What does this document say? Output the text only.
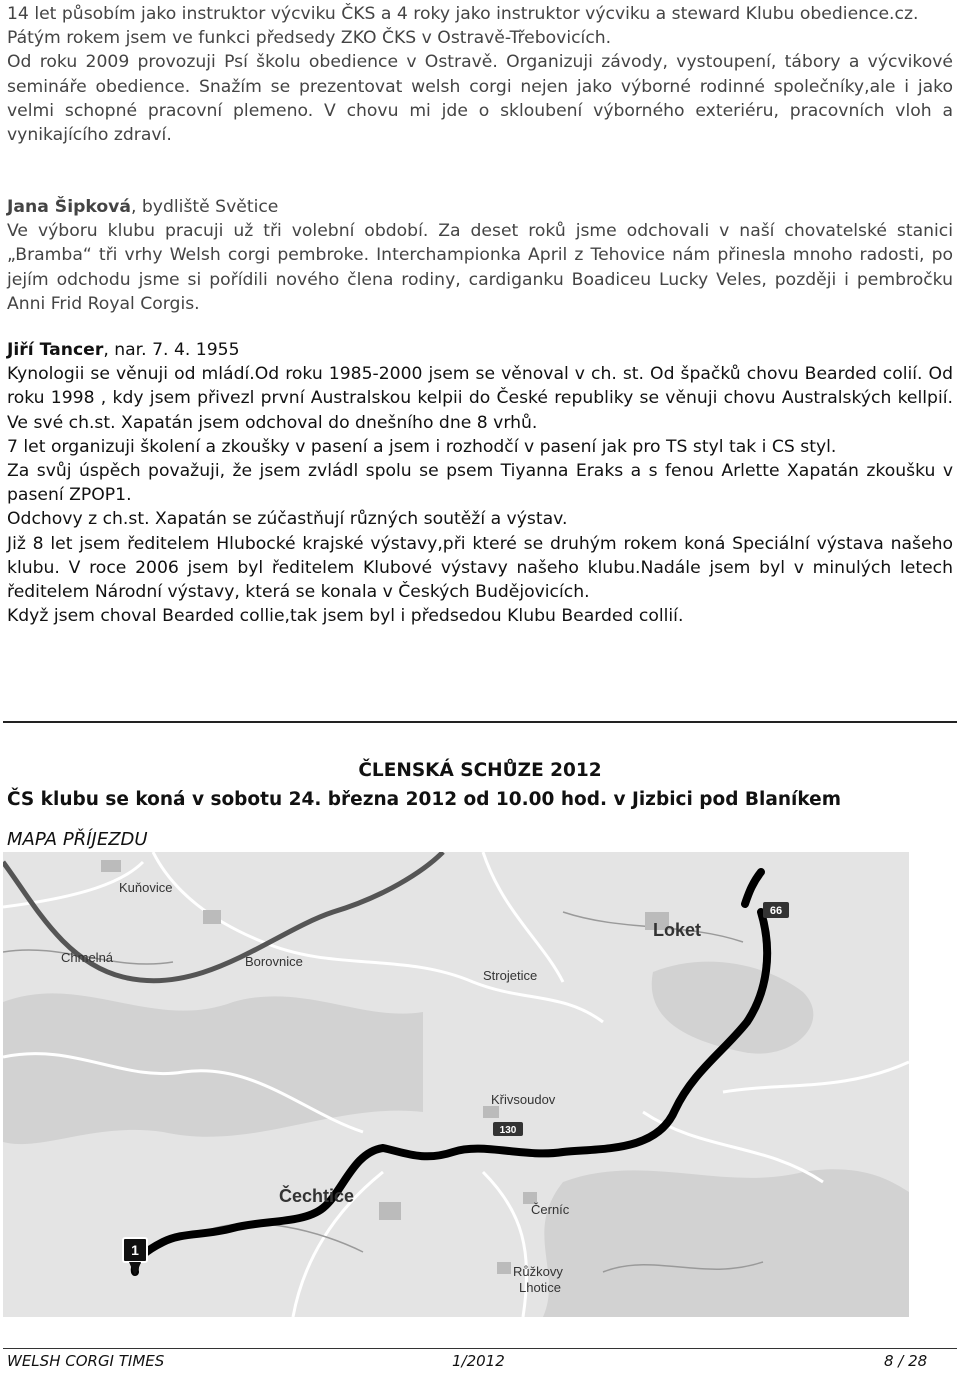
14 let působím jako instruktor výcviku ČKS a 4 roky jako instruktor výcviku a steward Klubu obedience.cz.

Pátým rokem jsem ve funkci předsedy ZKO ČKS v Ostravě-Třebovicích.

Od roku 2009 provozuji Psí školu obedience v Ostravě. Organizuji závody, vystoupení, tábory a výcvikové semináře obedience. Snažím se prezentovat welsh corgi nejen jako výborné rodinné společníky,ale i jako velmi schopné pracovní plemeno. V chovu mi jde o skloubení výborného exteriéru, pracovních vloh a vynikajícího zdraví.

Jana Šipková, bydliště Světice

Ve výboru klubu pracuji už tři volební období. Za deset roků jsme odchovali v naší chovatelské stanici „Bramba“ tři vrhy Welsh corgi pembroke. Interchampionka April z Tehovice nám přinesla mnoho radosti, po jejím odchodu jsme si pořídili nového člena rodiny, cardiganku Boadiceu Lucky Veles, později i pembročku Anni Frid Royal Corgis.

Jiří Tancer, nar. 7. 4. 1955

Kynologii se věnuji od mládí.Od roku 1985-2000 jsem se věnoval v ch. st. Od špačků chovu Bearded colií. Od roku 1998 , kdy jsem přivezl první Australskou kelpii do České republiky se věnuji chovu Australských kellpií. Ve své ch.st. Xapatán jsem odchoval do dnešního dne 8 vrhů.

7 let organizuji školení a zkoušky v pasení a jsem i rozhodčí v pasení jak pro TS styl tak i CS styl.

Za svůj úspěch považuji, že jsem zvládl spolu se psem Tiyanna Eraks a s fenou Arlette Xapatán zkoušku v pasení ZPOP1.

Odchovy z ch.st. Xapatán se zúčastňují různých soutěží a výstav.

Již 8 let jsem ředitelem Hlubocké krajské výstavy,při které se druhým rokem koná Speciální výstava našeho klubu. V roce 2006 jsem byl ředitelem Klubové výstavy našeho klubu.Nadále jsem byl v minulých letech ředitelem Národní výstavy, která se konala v Českých Budějovicích.

Když jsem choval Bearded collie,tak jsem byl i předsedou Klubu Bearded collií.

ČLENSKÁ SCHŮZE 2012
ČS klubu se koná v sobotu 24. března 2012 od 10.00 hod. v Jizbici pod Blaníkem
MAPA PŘÍJEZDU
66
130
1
Kuňovice
Chmelná	Borovnice
Strojetice
Loket
Křivsoudov
Čechtice
Černíc
Růžkovy
Lhotice
WELSH CORGI TIMES	1/2012	8 / 28
